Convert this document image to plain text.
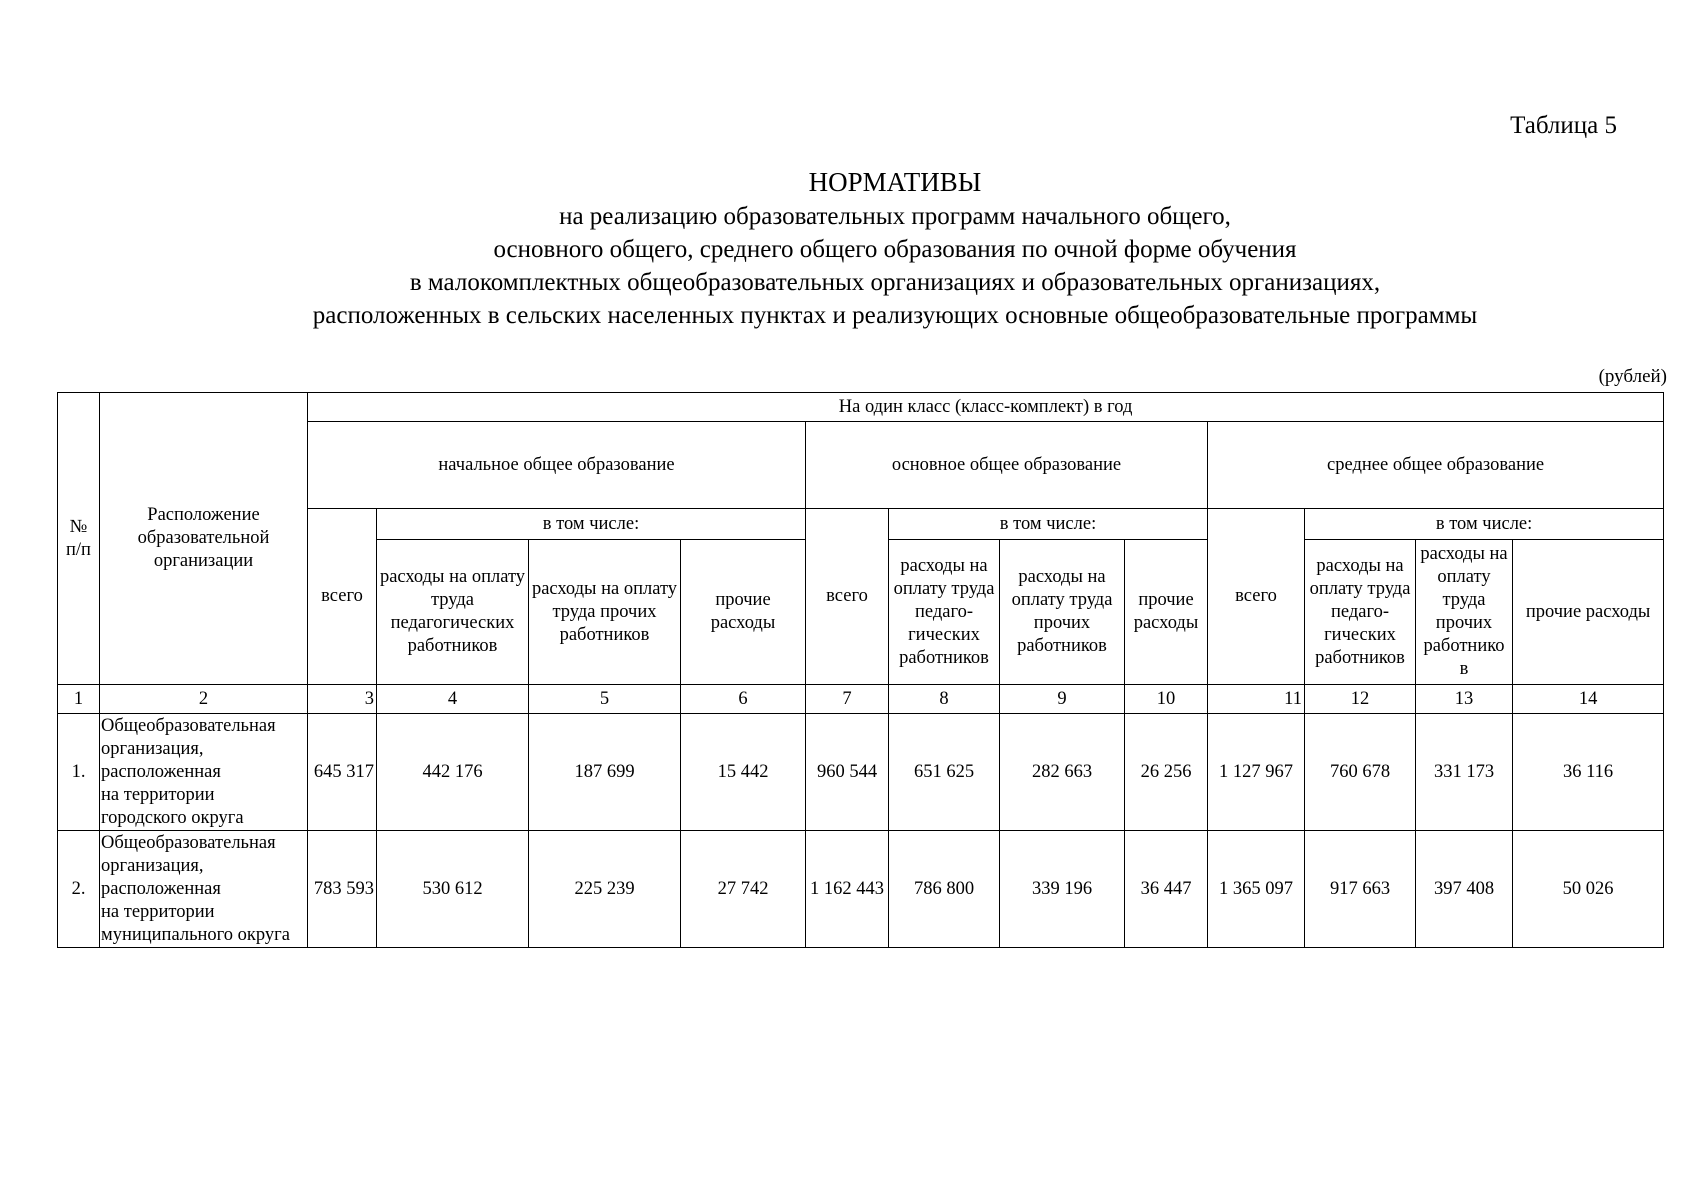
Таблица 5
НОРМАТИВЫ
на реализацию образовательных программ начального общего,
основного общего, среднего общего образования по очной форме обучения
в малокомплектных общеобразовательных организациях и образовательных организациях,
расположенных в сельских населенных пунктах и реализующих основные общеобразовательные программы
(рублей)
№ п/п	Расположение образовательной организации	На один класс (класс-комплект) в год											
		начальное общее образование				основное общее образование				среднее общее образование			
		всего	в том числе:			всего	в том числе:			всего	в том числе:		
			расходы на оплату труда педагогических работников	расходы на оплату труда прочих работников	прочие расходы		расходы на оплату труда педаго-гических работников	расходы на оплату труда прочих работников	прочие расходы		расходы на оплату труда педаго-гических работников	расходы на оплату труда прочих работнико в	прочие расходы
1	2	3	4	5	6	7	8	9	10	11	12	13	14
1.	Общеобразовательная
организация,
расположенная
на территории
городского округа	645 317	442 176	187 699	15 442	960 544	651 625	282 663	26 256	1 127 967	760 678	331 173	36 116
2.	Общеобразовательная
организация,
расположенная
на территории
муниципального округа	783 593	530 612	225 239	27 742	1 162 443	786 800	339 196	36 447	1 365 097	917 663	397 408	50 026
